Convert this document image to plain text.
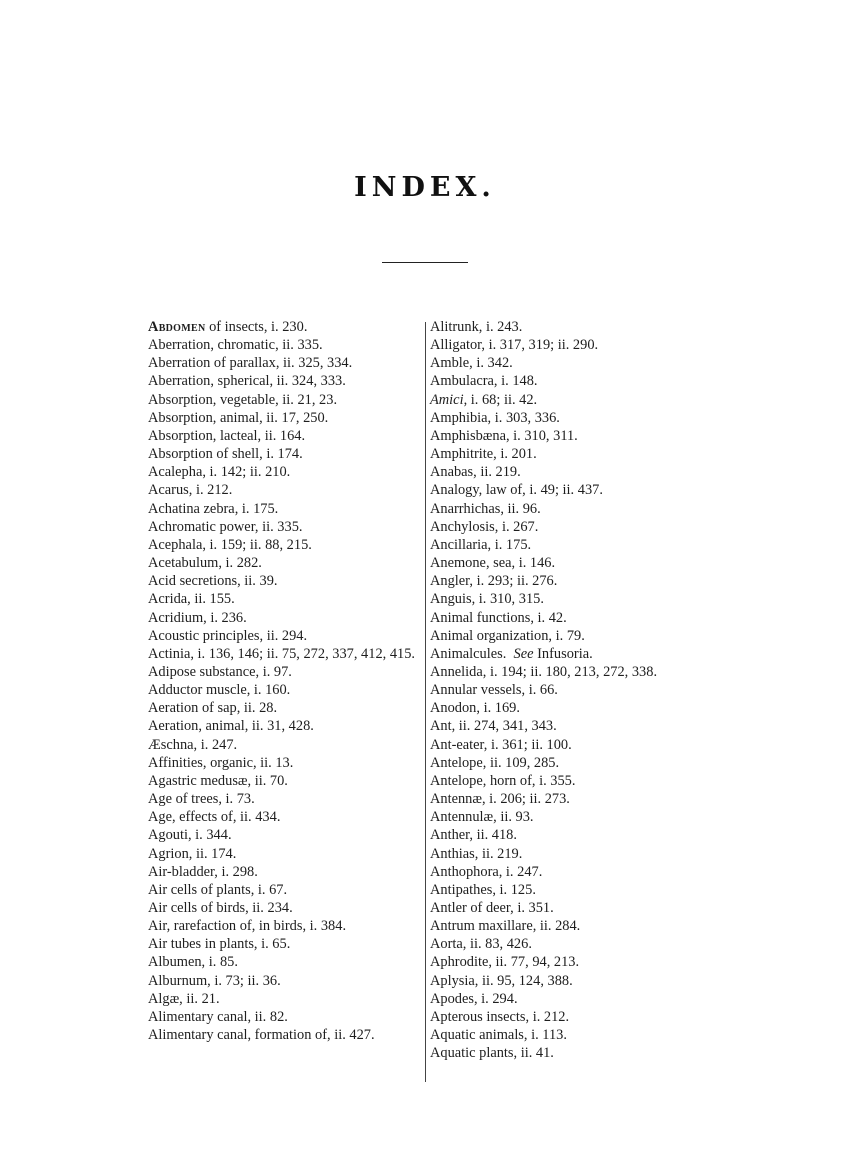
INDEX.
Abdomen of insects, i. 230.
Aberration, chromatic, ii. 335.
Aberration of parallax, ii. 325, 334.
Aberration, spherical, ii. 324, 333.
Absorption, vegetable, ii. 21, 23.
Absorption, animal, ii. 17, 250.
Absorption, lacteal, ii. 164.
Absorption of shell, i. 174.
Acalepha, i. 142; ii. 210.
Acarus, i. 212.
Achatina zebra, i. 175.
Achromatic power, ii. 335.
Acephala, i. 159; ii. 88, 215.
Acetabulum, i. 282.
Acid secretions, ii. 39.
Acrida, ii. 155.
Acridium, i. 236.
Acoustic principles, ii. 294.
Actinia, i. 136, 146; ii. 75, 272, 337, 412, 415.
Adipose substance, i. 97.
Adductor muscle, i. 160.
Aeration of sap, ii. 28.
Aeration, animal, ii. 31, 428.
Æschna, i. 247.
Affinities, organic, ii. 13.
Agastric medusæ, ii. 70.
Age of trees, i. 73.
Age, effects of, ii. 434.
Agouti, i. 344.
Agrion, ii. 174.
Air-bladder, i. 298.
Air cells of plants, i. 67.
Air cells of birds, ii. 234.
Air, rarefaction of, in birds, i. 384.
Air tubes in plants, i. 65.
Albumen, i. 85.
Alburnum, i. 73; ii. 36.
Algæ, ii. 21.
Alimentary canal, ii. 82.
Alimentary canal, formation of, ii. 427.
Alitrunk, i. 243.
Alligator, i. 317, 319; ii. 290.
Amble, i. 342.
Ambulacra, i. 148.
Amici, i. 68; ii. 42.
Amphibia, i. 303, 336.
Amphisbæna, i. 310, 311.
Amphitrite, i. 201.
Anabas, ii. 219.
Analogy, law of, i. 49; ii. 437.
Anarrhichas, ii. 96.
Anchylosis, i. 267.
Ancillaria, i. 175.
Anemone, sea, i. 146.
Angler, i. 293; ii. 276.
Anguis, i. 310, 315.
Animal functions, i. 42.
Animal organization, i. 79.
Animalcules. See Infusoria.
Annelida, i. 194; ii. 180, 213, 272, 338.
Annular vessels, i. 66.
Anodon, i. 169.
Ant, ii. 274, 341, 343.
Ant-eater, i. 361; ii. 100.
Antelope, ii. 109, 285.
Antelope, horn of, i. 355.
Antennæ, i. 206; ii. 273.
Antennulæ, ii. 93.
Anther, ii. 418.
Anthias, ii. 219.
Anthophora, i. 247.
Antipathes, i. 125.
Antler of deer, i. 351.
Antrum maxillare, ii. 284.
Aorta, ii. 83, 426.
Aphrodite, ii. 77, 94, 213.
Aplysia, ii. 95, 124, 388.
Apodes, i. 294.
Apterous insects, i. 212.
Aquatic animals, i. 113.
Aquatic plants, ii. 41.
